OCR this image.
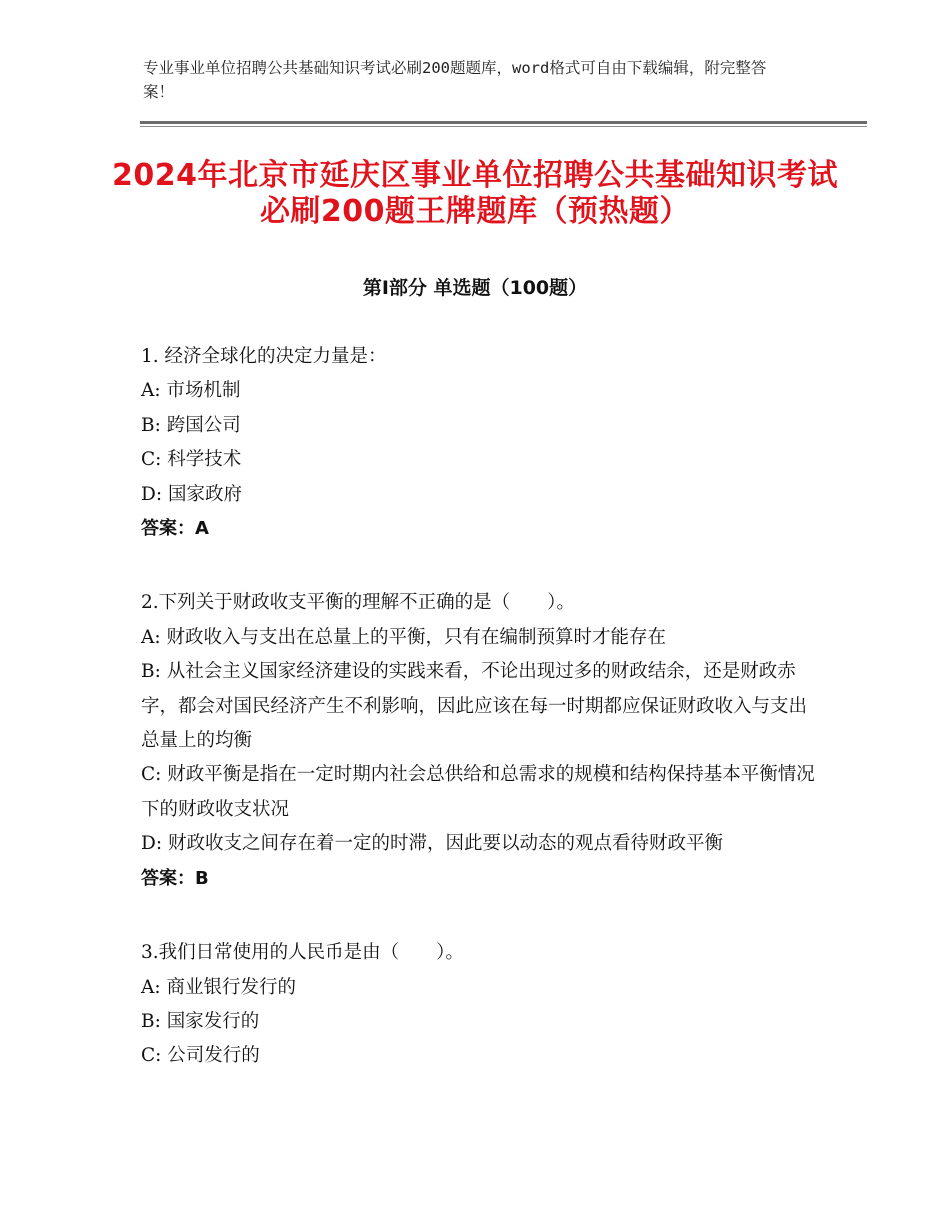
专业事业单位招聘公共基础知识考试必刷200题题库，word格式可自由下载编辑，附完整答案！

2024年北京市延庆区事业单位招聘公共基础知识考试必刷200题王牌题库（预热题）
第Ⅰ部分 单选题（100题）

1. 经济全球化的决定力量是：

A: 市场机制

B: 跨国公司

C: 科学技术

D: 国家政府

答案：A

2.下列关于财政收支平衡的理解不正确的是（　　）。

A: 财政收入与支出在总量上的平衡，只有在编制预算时才能存在

B: 从社会主义国家经济建设的实践来看，不论出现过多的财政结余，还是财政赤字，都会对国民经济产生不利影响，因此应该在每一时期都应保证财政收入与支出总量上的均衡

C: 财政平衡是指在一定时期内社会总供给和总需求的规模和结构保持基本平衡情况下的财政收支状况

D: 财政收支之间存在着一定的时滞，因此要以动态的观点看待财政平衡

答案：B

3.我们日常使用的人民币是由（　　）。

A: 商业银行发行的

B: 国家发行的

C: 公司发行的
